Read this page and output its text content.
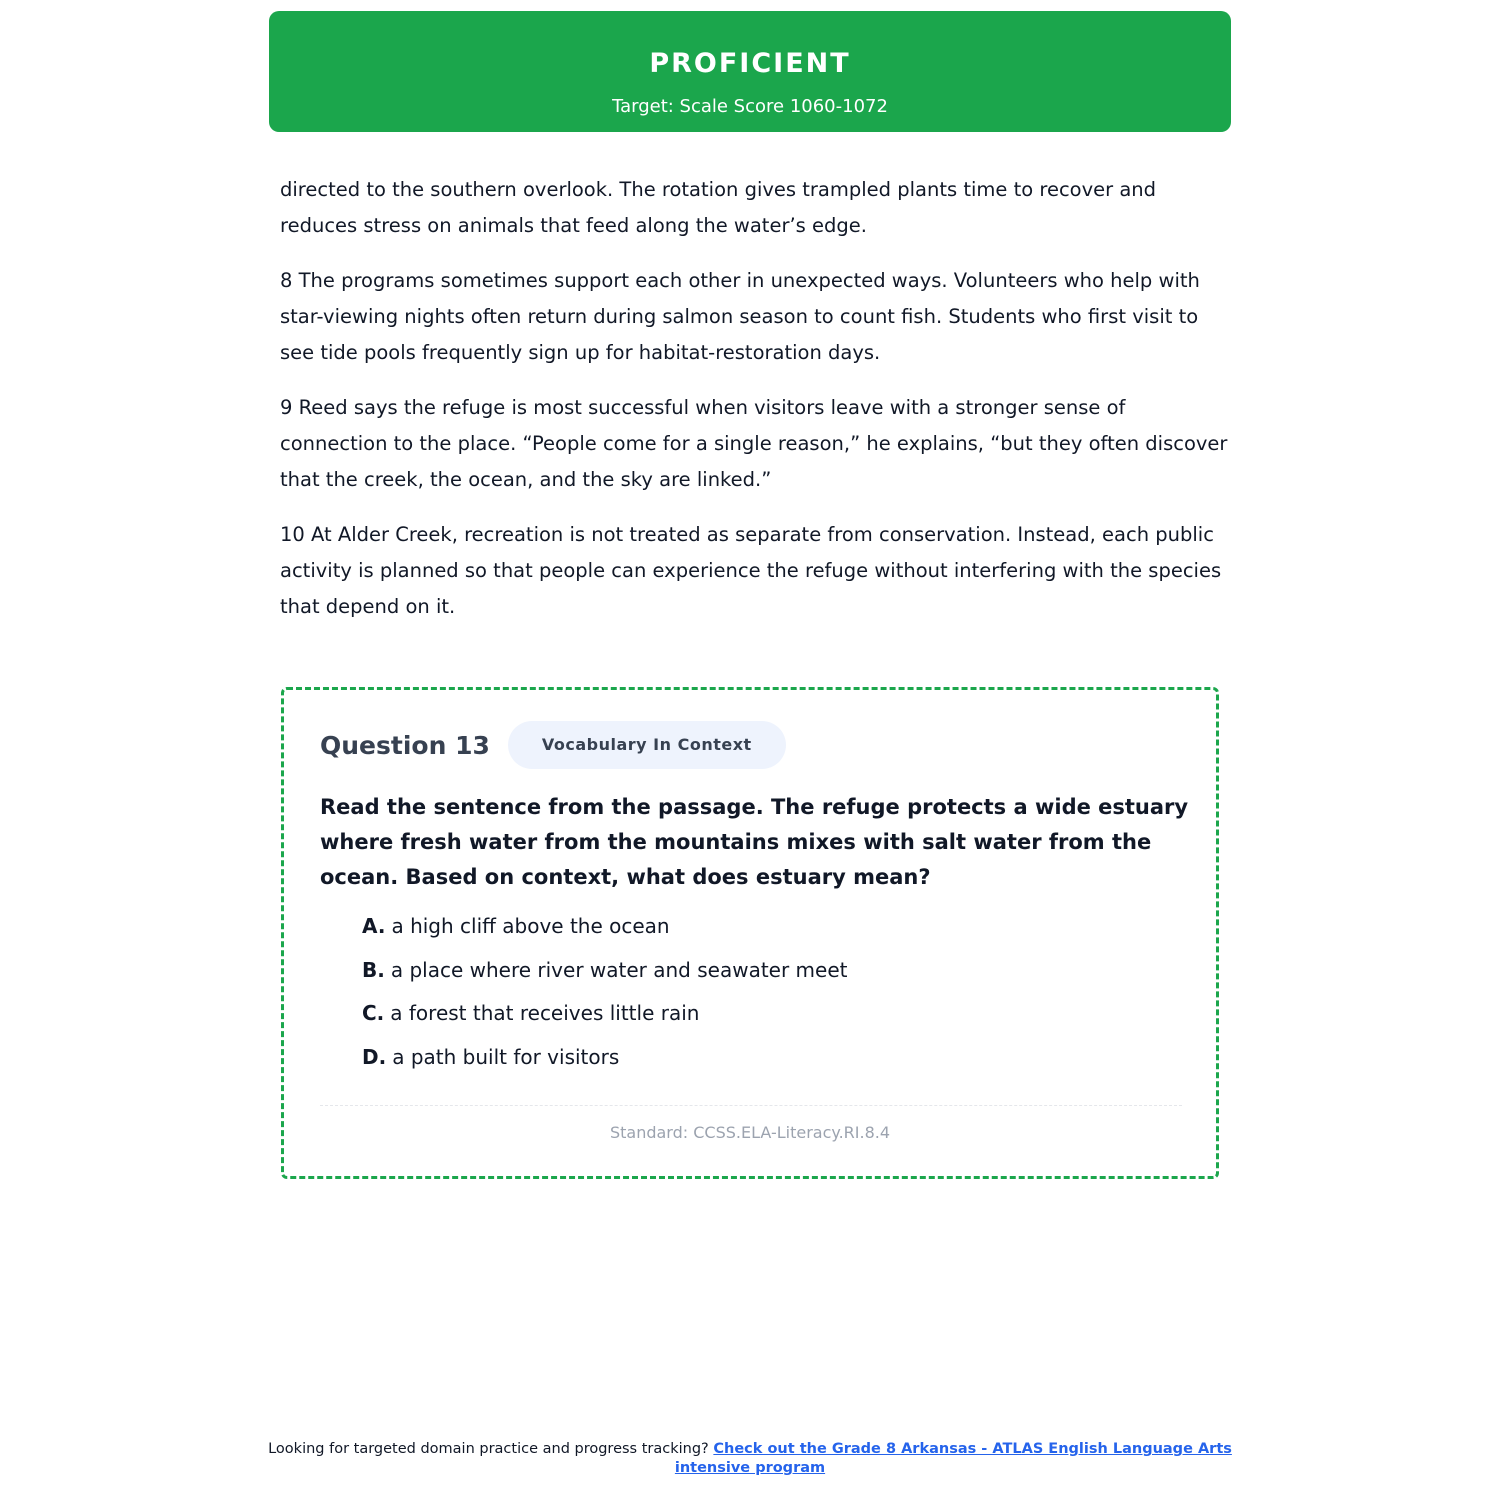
PROFICIENT
Target: Scale Score 1060-1072

directed to the southern overlook. The rotation gives trampled plants time to recover and reduces stress on animals that feed along the water’s edge.

8 The programs sometimes support each other in unexpected ways. Volunteers who help with star-viewing nights often return during salmon season to count fish. Students who first visit to see tide pools frequently sign up for habitat-restoration days.

9 Reed says the refuge is most successful when visitors leave with a stronger sense of connection to the place. “People come for a single reason,” he explains, “but they often discover that the creek, the ocean, and the sky are linked.”

10 At Alder Creek, recreation is not treated as separate from conservation. Instead, each public activity is planned so that people can experience the refuge without interfering with the species that depend on it.

Question 13	Vocabulary In Context
Read the sentence from the passage. The refuge protects a wide estuary where fresh water from the mountains mixes with salt water from the ocean. Based on context, what does estuary mean?
A. a high cliff above the ocean
B. a place where river water and seawater meet
C. a forest that receives little rain
D. a path built for visitors
Standard: CCSS.ELA-Literacy.RI.8.4
Looking for targeted domain practice and progress tracking? Check out the Grade 8 Arkansas - ATLAS English Language Arts intensive program
